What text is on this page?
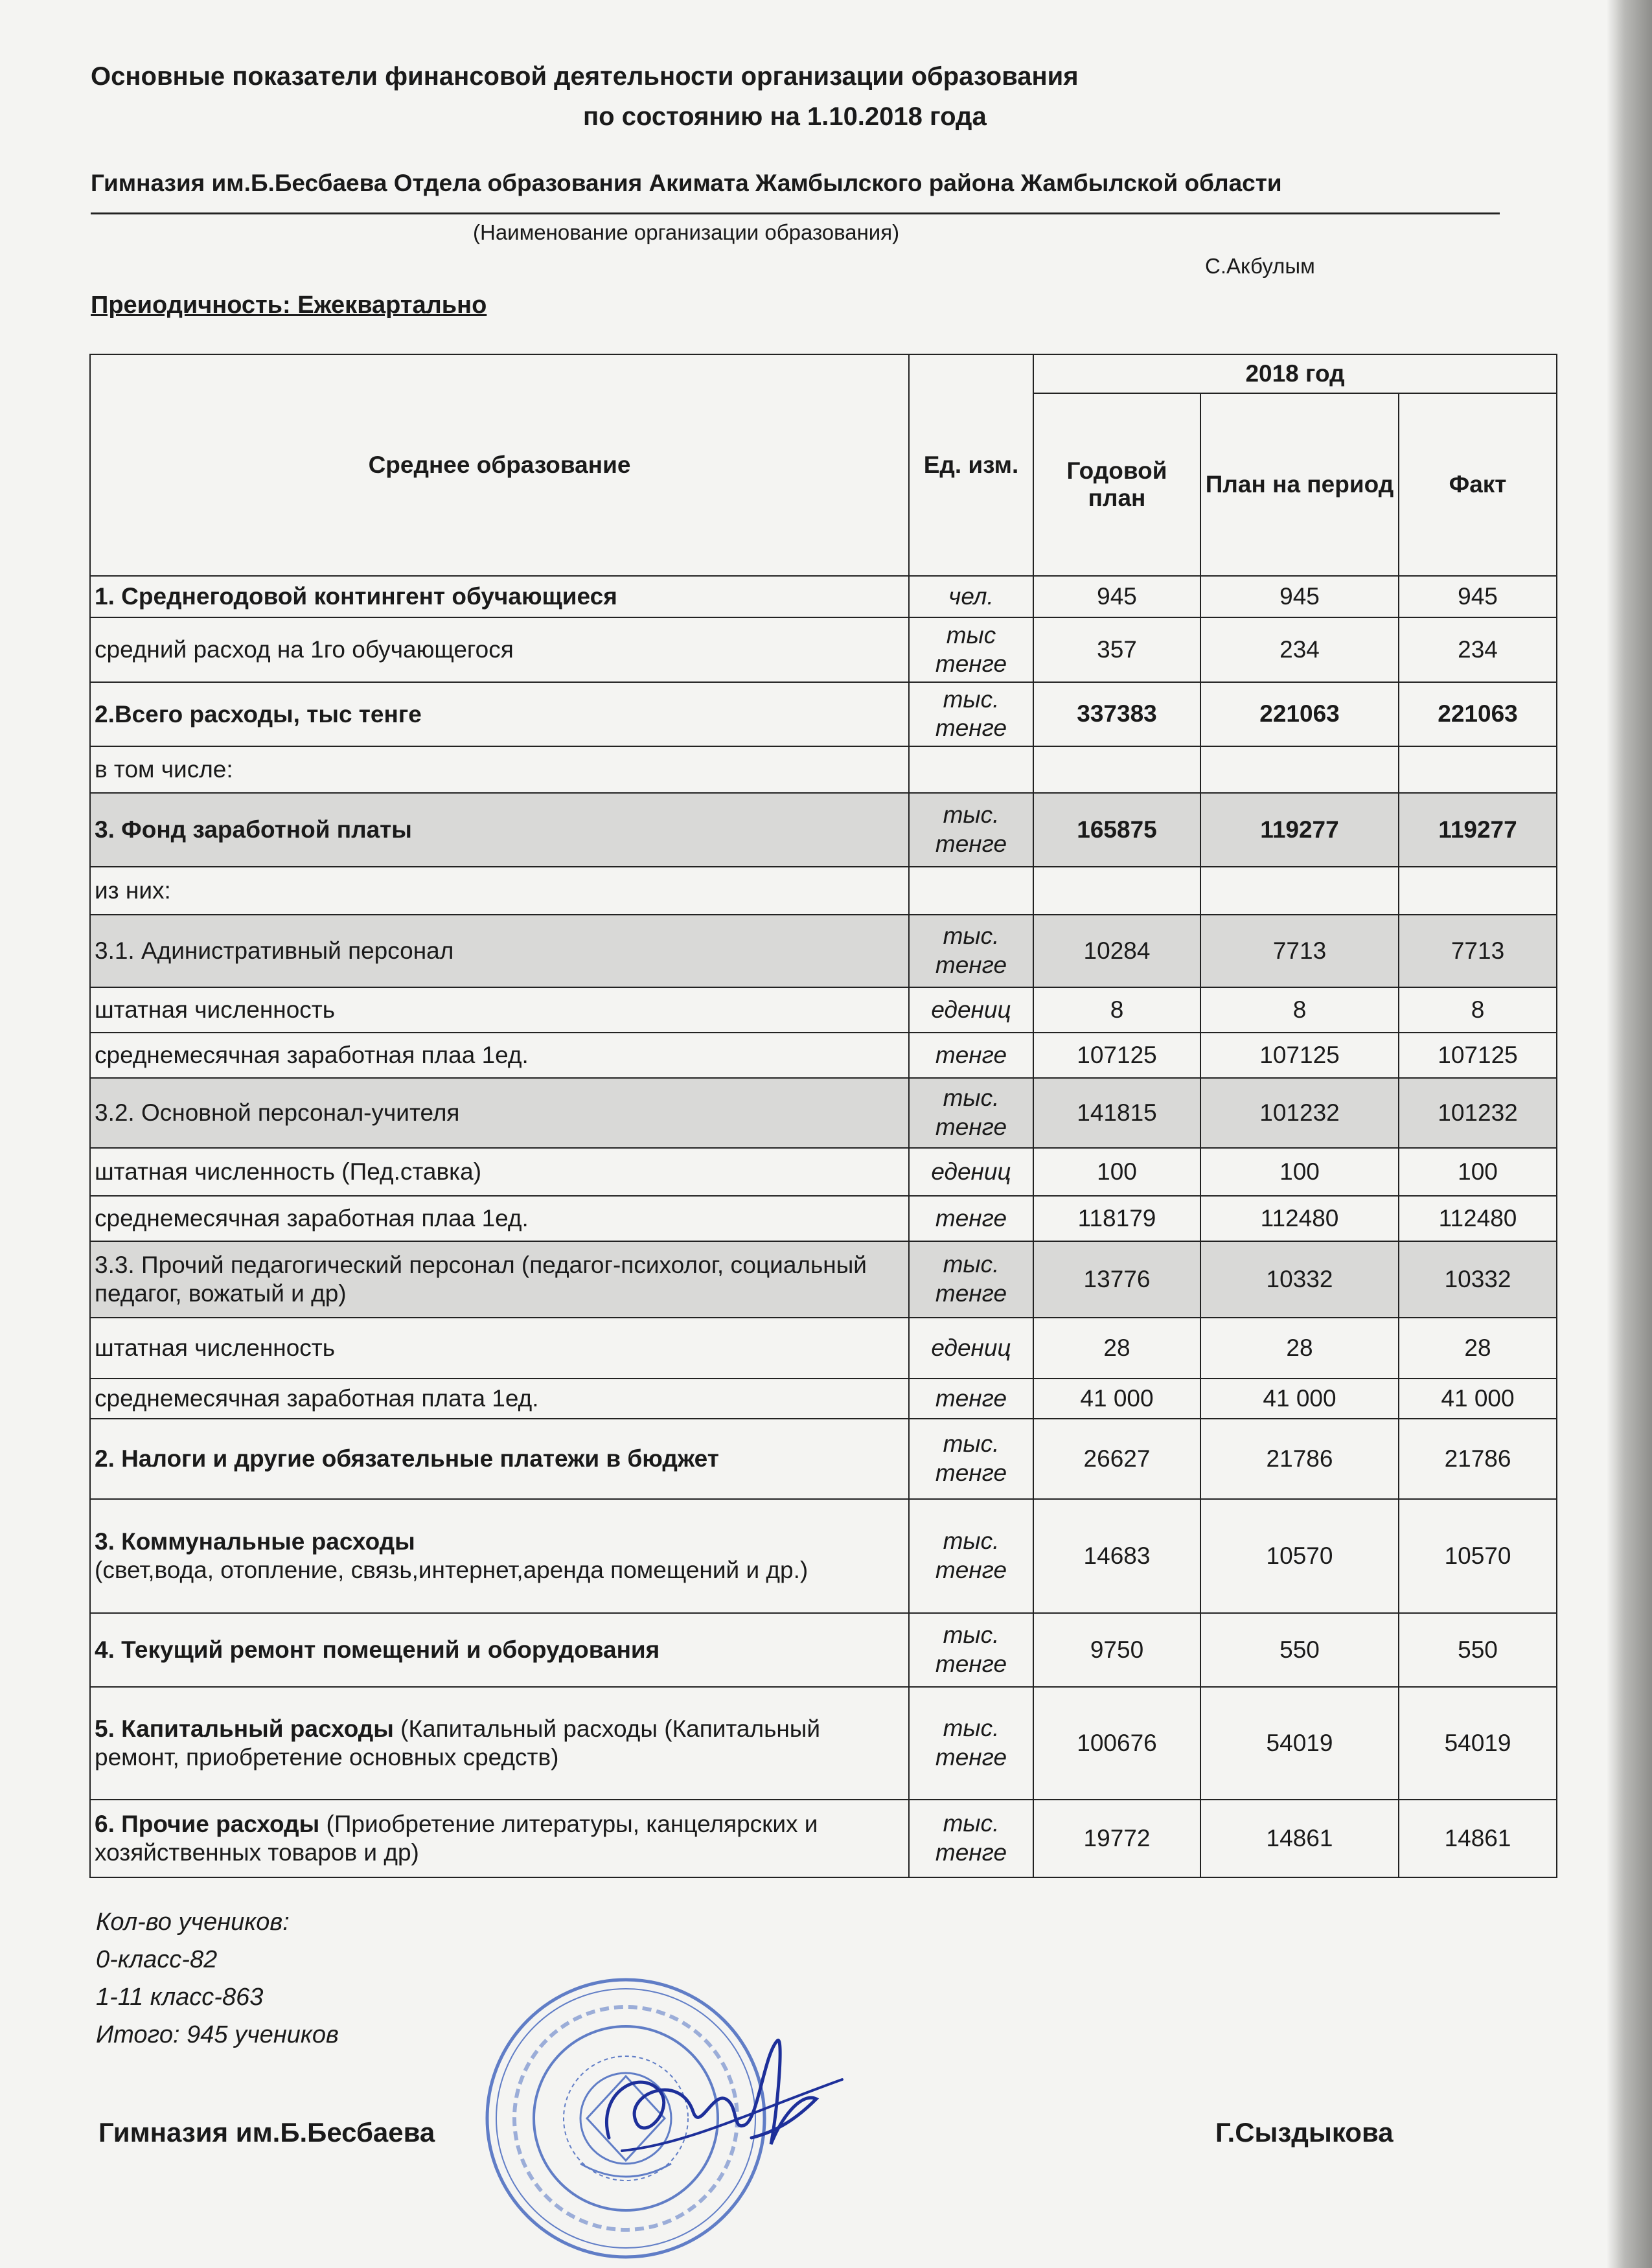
Основные показатели финансовой деятельности организации образования
по состоянию на 1.10.2018 года
Гимназия им.Б.Бесбаева Отдела образования Акимата Жамбылского района Жамбылской области
(Наименование организации образования)
С.Акбулым
Преиодичность: Ежеквартально
Среднее образование	Ед. изм.	2018 год		
		Годовой план	План на период	Факт
1. Среднегодовой контингент обучающиеся	чел.	945	945	945
средний расход на 1го обучающегося	тыс тенге	357	234	234
2.Всего расходы, тыс тенге	тыс. тенге	337383	221063	221063
в том числе:				
3. Фонд заработной платы	тыс. тенге	165875	119277	119277
из них:				
3.1. Адинистративный персонал	тыс. тенге	10284	7713	7713
штатная численность	едениц	8	8	8
среднемесячная заработная плаа 1ед.	тенге	107125	107125	107125
3.2. Основной персонал-учителя	тыс. тенге	141815	101232	101232
штатная численность (Пед.ставка)	едениц	100	100	100
среднемесячная заработная плаа 1ед.	тенге	118179	112480	112480
3.3. Прочий педагогический персонал (педагог-психолог, социальный педагог, вожатый и др)	тыс. тенге	13776	10332	10332
штатная численность	едениц	28	28	28
среднемесячная заработная плата 1ед.	тенге	41 000	41 000	41 000
2. Налоги и другие обязательные платежи в бюджет	тыс. тенге	26627	21786	21786
3. Коммунальные расходы
(свет,вода, отопление, связь,интернет,аренда помещений и др.)	тыс. тенге	14683	10570	10570
4. Текущий ремонт помещений и оборудования	тыс. тенге	9750	550	550
5. Капитальный расходы (Капитальный расходы (Капитальный ремонт, приобретение основных средств)	тыс. тенге	100676	54019	54019
6. Прочие расходы (Приобретение литературы, канцелярских и хозяйственных товаров и др)	тыс. тенге	19772	14861	14861
Кол-во учеников:
0-класс-82
1-11 класс-863
Итого: 945 учеников
Гимназия им.Б.Бесбаева	Г.Сыздыкова
